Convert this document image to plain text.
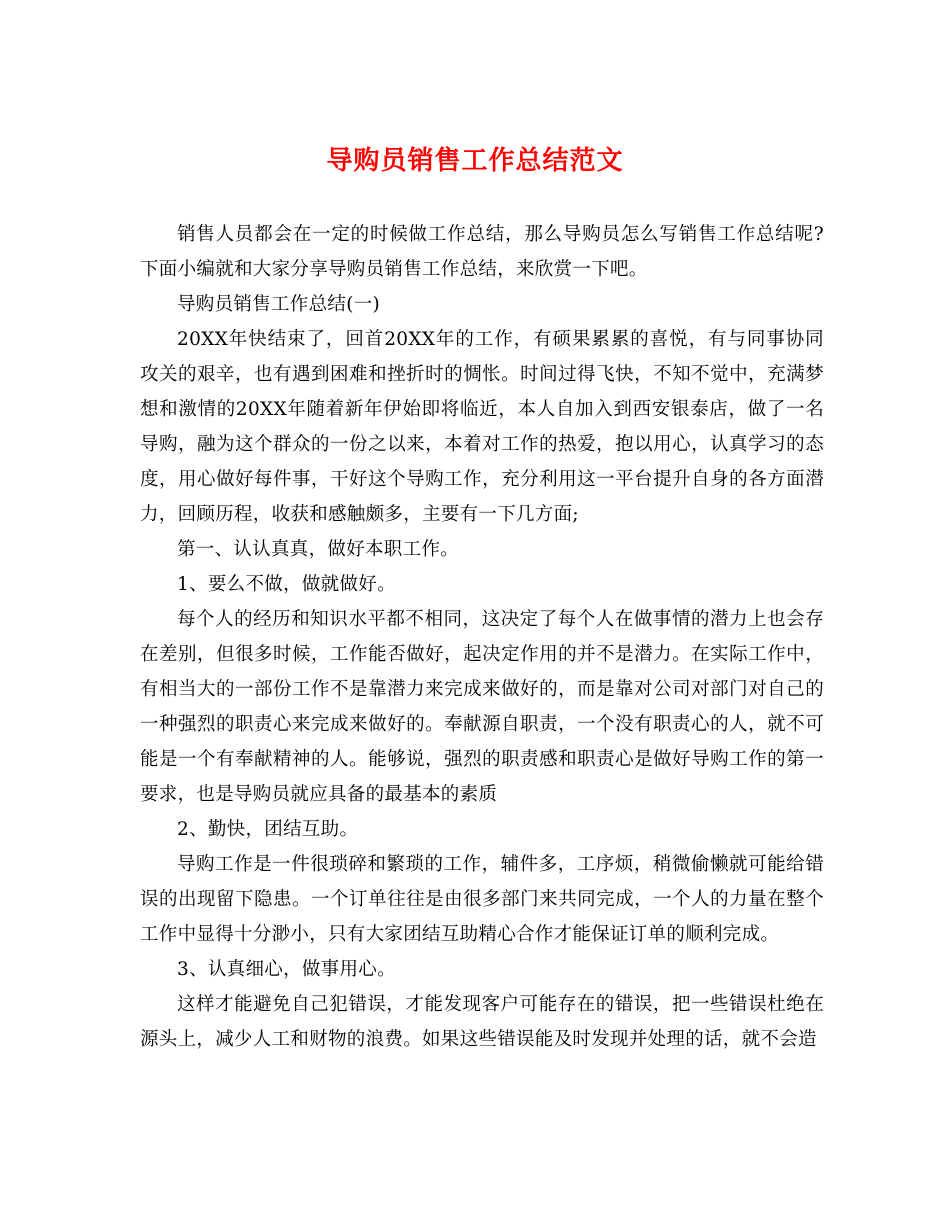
导购员销售工作总结范文

销售人员都会在一定的时候做工作总结，那么导购员怎么写销售工作总结呢?下面小编就和大家分享导购员销售工作总结，来欣赏一下吧。

导购员销售工作总结(一)

20XX年快结束了，回首20XX年的工作，有硕果累累的喜悦，有与同事协同攻关的艰辛，也有遇到困难和挫折时的惆怅。时间过得飞快，不知不觉中，充满梦想和激情的20XX年随着新年伊始即将临近，本人自加入到西安银泰店，做了一名导购，融为这个群众的一份之以来，本着对工作的热爱，抱以用心，认真学习的态度，用心做好每件事，干好这个导购工作，充分利用这一平台提升自身的各方面潜力，回顾历程，收获和感触颇多，主要有一下几方面;

第一、认认真真，做好本职工作。

1、要么不做，做就做好。

每个人的经历和知识水平都不相同，这决定了每个人在做事情的潜力上也会存在差别，但很多时候，工作能否做好，起决定作用的并不是潜力。在实际工作中，有相当大的一部份工作不是靠潜力来完成来做好的，而是靠对公司对部门对自己的一种强烈的职责心来完成来做好的。奉献源自职责，一个没有职责心的人，就不可能是一个有奉献精神的人。能够说，强烈的职责感和职责心是做好导购工作的第一要求，也是导购员就应具备的最基本的素质

2、勤快，团结互助。

导购工作是一件很琐碎和繁琐的工作，辅件多，工序烦，稍微偷懒就可能给错误的出现留下隐患。一个订单往往是由很多部门来共同完成，一个人的力量在整个工作中显得十分渺小，只有大家团结互助精心合作才能保证订单的顺利完成。

3、认真细心，做事用心。

这样才能避免自己犯错误，才能发现客户可能存在的错误，把一些错误杜绝在源头上，减少人工和财物的浪费。如果这些错误能及时发现并处理的话，就不会造
